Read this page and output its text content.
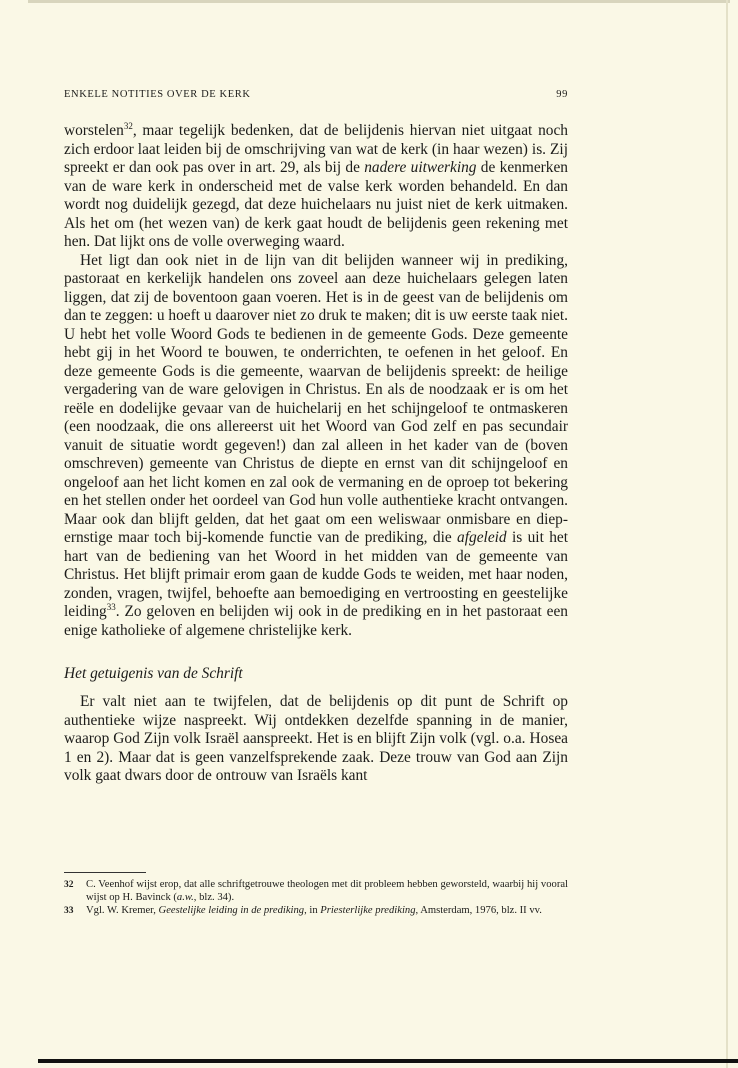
ENKELE NOTITIES OVER DE KERK	99

worstelen$^{32}$, maar tegelijk bedenken, dat de belijdenis hiervan niet uitgaat noch zich erdoor laat leiden bij de omschrijving van wat de kerk (in haar wezen) is. Zij spreekt er dan ook pas over in art. 29, als bij de nadere uitwerking de kenmerken van de ware kerk in onderscheid met de valse kerk worden behandeld. En dan wordt nog duidelijk gezegd, dat deze huichelaars nu juist niet de kerk uitmaken. Als het om (het wezen van) de kerk gaat houdt de belijdenis geen rekening met hen. Dat lijkt ons de volle overweging waard.

Het ligt dan ook niet in de lijn van dit belijden wanneer wij in prediking, pastoraat en kerkelijk handelen ons zoveel aan deze huichelaars gelegen laten liggen, dat zij de boventoon gaan voeren. Het is in de geest van de belijdenis om dan te zeggen: u hoeft u daarover niet zo druk te maken; dit is uw eerste taak niet. U hebt het volle Woord Gods te bedienen in de gemeente Gods. Deze gemeente hebt gij in het Woord te bouwen, te onderrichten, te oefenen in het geloof. En deze gemeente Gods is die gemeente, waarvan de belijdenis spreekt: de heilige vergadering van de ware gelovigen in Christus. En als de noodzaak er is om het reële en dodelijke gevaar van de huichelarij en het schijngeloof te ontmaskeren (een noodzaak, die ons allereerst uit het Woord van God zelf en pas secundair vanuit de situatie wordt gegeven!) dan zal alleen in het kader van de (boven omschreven) gemeente van Christus de diepte en ernst van dit schijngeloof en ongeloof aan het licht komen en zal ook de vermaning en de oproep tot bekering en het stellen onder het oordeel van God hun volle authentieke kracht ontvangen. Maar ook dan blijft gelden, dat het gaat om een weliswaar onmisbare en diep-ernstige maar toch bij-komende functie van de prediking, die afgeleid is uit het hart van de bediening van het Woord in het midden van de gemeente van Christus. Het blijft primair erom gaan de kudde Gods te weiden, met haar noden, zonden, vragen, twijfel, behoefte aan bemoediging en vertroosting en geestelijke leiding$^{33}$. Zo geloven en belijden wij ook in de prediking en in het pastoraat een enige katholieke of algemene christelijke kerk.

Het getuigenis van de Schrift

Er valt niet aan te twijfelen, dat de belijdenis op dit punt de Schrift op authentieke wijze naspreekt. Wij ontdekken dezelfde spanning in de manier, waarop God Zijn volk Israël aanspreekt. Het is en blijft Zijn volk (vgl. o.a. Hosea 1 en 2). Maar dat is geen vanzelfsprekende zaak. Deze trouw van God aan Zijn volk gaat dwars door de ontrouw van Israëls kant

32 C. Veenhof wijst erop, dat alle schriftgetrouwe theologen met dit probleem hebben geworsteld, waarbij hij vooral wijst op H. Bavinck (a.w., blz. 34).
33 Vgl. W. Kremer, Geestelijke leiding in de prediking, in Priesterlijke prediking, Amsterdam, 1976, blz. II vv.
